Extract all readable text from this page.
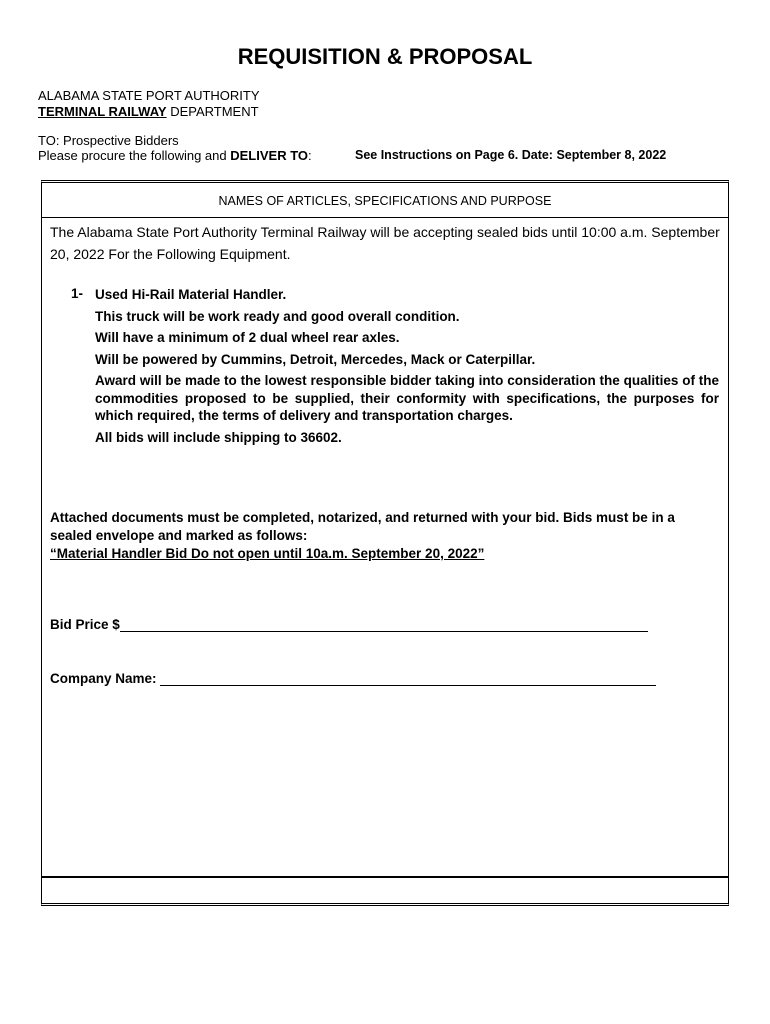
REQUISITION & PROPOSAL
ALABAMA STATE PORT AUTHORITY
TERMINAL RAILWAY DEPARTMENT
TO: Prospective Bidders
Please procure the following and DELIVER TO:	See Instructions on Page 6. Date: September 8, 2022
NAMES OF ARTICLES, SPECIFICATIONS AND PURPOSE
The Alabama State Port Authority Terminal Railway will be accepting sealed bids until 10:00 a.m. September 20, 2022 For the Following Equipment.
1- Used Hi-Rail Material Handler.
This truck will be work ready and good overall condition.
Will have a minimum of 2 dual wheel rear axles.
Will be powered by Cummins, Detroit, Mercedes, Mack or Caterpillar.
Award will be made to the lowest responsible bidder taking into consideration the qualities of the commodities proposed to be supplied, their conformity with specifications, the purposes for which required, the terms of delivery and transportation charges.
All bids will include shipping to 36602.
Attached documents must be completed, notarized, and returned with your bid. Bids must be in a sealed envelope and marked as follows:
“Material Handler Bid Do not open until 10a.m. September 20, 2022”
Bid Price $
Company Name:
